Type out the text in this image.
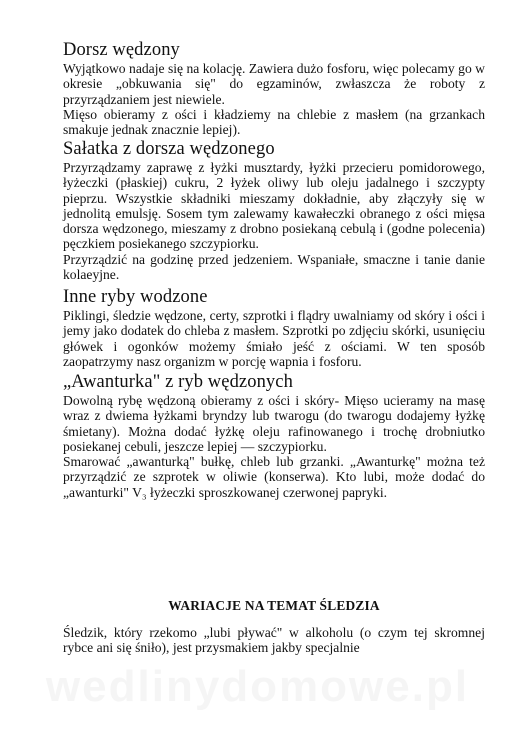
Dorsz wędzony

Wyjątkowo nadaje się na kolację. Zawiera dużo fosforu, więc polecamy go w okresie „obkuwania się" do egzaminów, zwłaszcza że roboty z przyrządzaniem jest niewiele.

Mięso obieramy z ości i kładziemy na chlebie z masłem (na grzankach smakuje jednak znacznie lepiej).

Sałatka z dorsza wędzonego

Przyrządzamy zaprawę z łyżki musztardy, łyżki przecieru pomidorowego, łyżeczki (płaskiej) cukru, 2 łyżek oliwy lub oleju jadalnego i szczypty pieprzu. Wszystkie składniki mieszamy dokładnie, aby złączyły się w jednolitą emulsję. Sosem tym zalewamy kawałeczki obranego z ości mięsa dorsza wędzonego, mieszamy z drobno posiekaną cebulą i (godne polecenia) pęczkiem posiekanego szczypiorku.

Przyrządzić na godzinę przed jedzeniem. Wspaniałe, smaczne i tanie danie kolaeyjne.

Inne ryby wodzone

Piklingi, śledzie wędzone, certy, szprotki i flądry uwalniamy od skóry i ości i jemy jako dodatek do chleba z masłem. Szprotki po zdjęciu skórki, usunięciu główek i ogonków możemy śmiało jeść z ościami. W ten sposób zaopatrzymy nasz organizm w porcję wapnia i fosforu.

„Awanturka" z ryb wędzonych

Dowolną rybę wędzoną obieramy z ości i skóry- Mięso ucieramy na masę wraz z dwiema łyżkami bryndzy lub twarogu (do twarogu dodajemy łyżkę śmietany). Można dodać łyżkę oleju rafinowanego i trochę drobniutko posiekanej cebuli, jeszcze lepiej — szczypiorku.

Smarować „awanturką" bułkę, chleb lub grzanki. „Awanturkę" można też przyrządzić ze szprotek w oliwie (konserwa). Kto lubi, może dodać do „awanturki" V₃ łyżeczki sproszkowanej czerwonej papryki.

WARIACJE NA TEMAT ŚLEDZIA

Śledzik, który rzekomo „lubi pływać" w alkoholu (o czym tej skromnej rybce ani się śniło), jest przysmakiem jakby specjalnie

wedlinydomowe.pl
